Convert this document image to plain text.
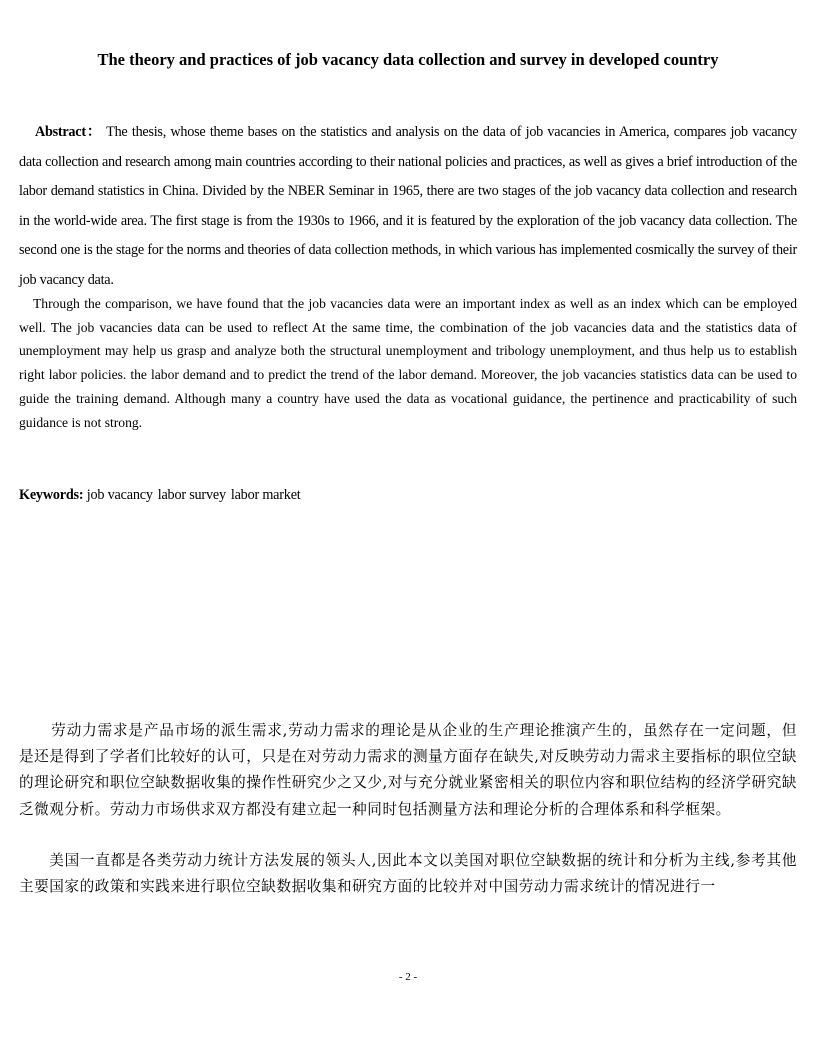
The theory and practices of job vacancy data collection and survey in developed country

Abstract： The thesis, whose theme bases on the statistics and analysis on the data of job vacancies in America, compares job vacancy data collection and research among main countries according to their national policies and practices, as well as gives a brief introduction of the labor demand statistics in China. Divided by the NBER Seminar in 1965, there are two stages of the job vacancy data collection and research in the world-wide area. The first stage is from the 1930s to 1966, and it is featured by the exploration of the job vacancy data collection. The second one is the stage for the norms and theories of data collection methods, in which various has implemented cosmically the survey of their job vacancy data.

Through the comparison, we have found that the job vacancies data were an important index as well as an index which can be employed well. The job vacancies data can be used to reflect At the same time, the combination of the job vacancies data and the statistics data of unemployment may help us grasp and analyze both the structural unemployment and tribology unemployment, and thus help us to establish right labor policies. the labor demand and to predict the trend of the labor demand. Moreover, the job vacancies statistics data can be used to guide the training demand. Although many a country have used the data as vocational guidance, the pertinence and practicability of such guidance is not strong.

Keywords: job vacancy labor survey labor market

劳动力需求是产品市场的派生需求,劳动力需求的理论是从企业的生产理论推演产生的，虽然存在一定问题，但是还是得到了学者们比较好的认可，只是在对劳动力需求的测量方面存在缺失,对反映劳动力需求主要指标的职位空缺的理论研究和职位空缺数据收集的操作性研究少之又少,对与充分就业紧密相关的职位内容和职位结构的经济学研究缺乏微观分析。劳动力市场供求双方都没有建立起一种同时包括测量方法和理论分析的合理体系和科学框架。

美国一直都是各类劳动力统计方法发展的领头人,因此本文以美国对职位空缺数据的统计和分析为主线,参考其他主要国家的政策和实践来进行职位空缺数据收集和研究方面的比较并对中国劳动力需求统计的情况进行一

- 2 -
